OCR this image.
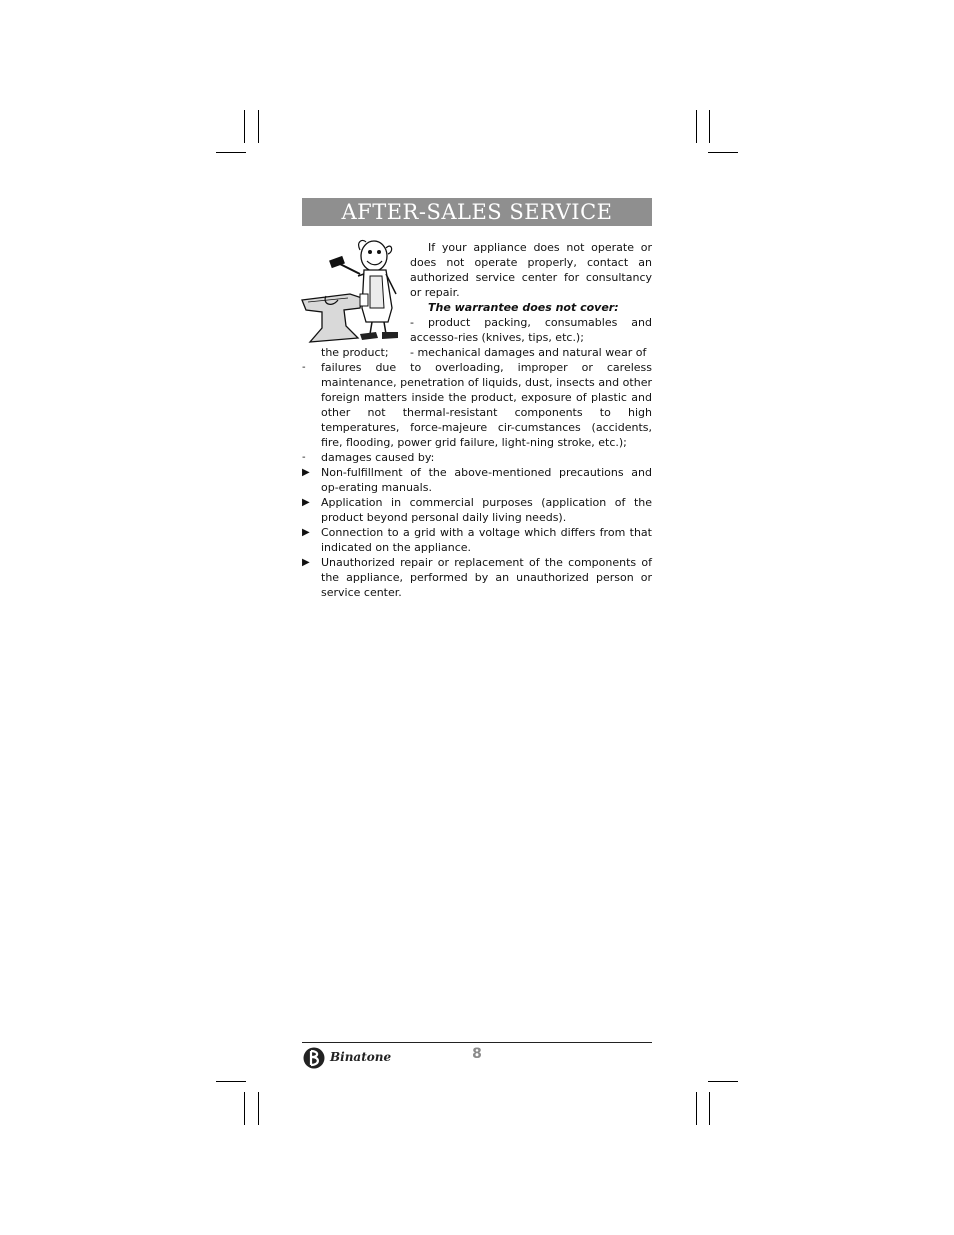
AFTER-SALES SERVICE

If your appliance does not operate or does not operate properly, contact an authorized service center for consultancy or repair.

The warrantee does not cover:

- product packing, consumables and accesso-ries (knives, tips, etc.);

- mechanical damages and natural wear of

the product;

-	failures due to overloading, improper or careless maintenance, penetration of liquids, dust, insects and other foreign matters inside the product, exposure of plastic and other not thermal-resistant components to high temperatures, force-majeure cir-cumstances (accidents, fire, flooding, power grid failure, light-ning stroke, etc.);
-	damages caused by:
▶	Non-fulfillment of the above-mentioned precautions and op-erating manuals.
▶	Application in commercial purposes (application of the product beyond personal daily living needs).
▶	Connection to a grid with a voltage which differs from that indicated on the appliance.
▶	Unauthorized repair or replacement of the components of the appliance, performed by an unauthorized person or service center.
Binatone	8
